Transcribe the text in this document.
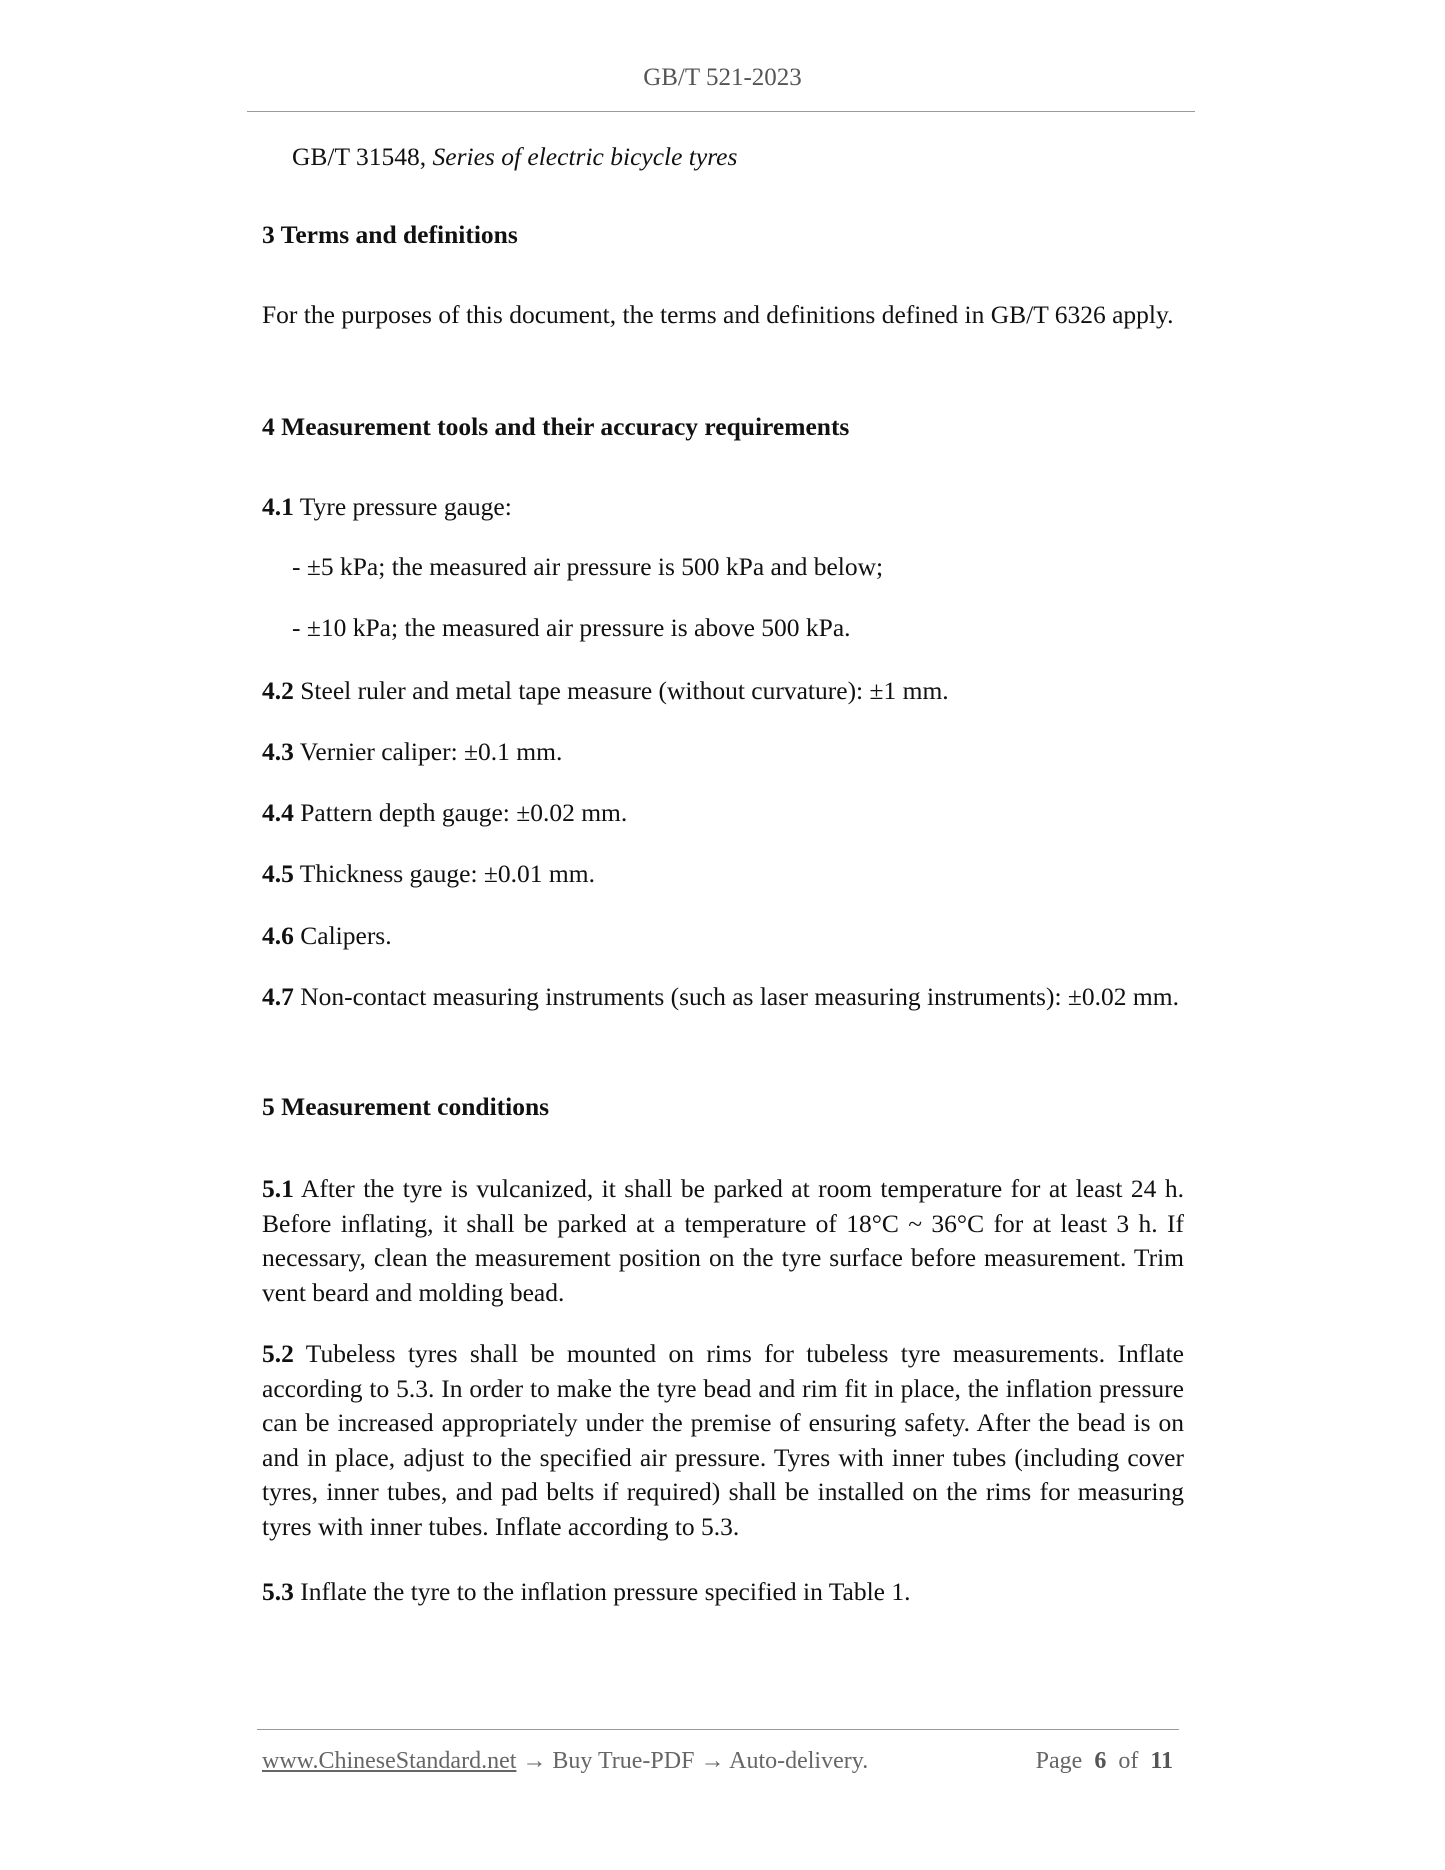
GB/T 521-2023
GB/T 31548, Series of electric bicycle tyres
3 Terms and definitions

For the purposes of this document, the terms and definitions defined in GB/T 6326 apply.

4 Measurement tools and their accuracy requirements

4.1 Tyre pressure gauge:

- ±5 kPa; the measured air pressure is 500 kPa and below;
- ±10 kPa; the measured air pressure is above 500 kPa.

4.2 Steel ruler and metal tape measure (without curvature): ±1 mm.

4.3 Vernier caliper: ±0.1 mm.

4.4 Pattern depth gauge: ±0.02 mm.

4.5 Thickness gauge: ±0.01 mm.

4.6 Calipers.

4.7 Non-contact measuring instruments (such as laser measuring instruments): ±0.02 mm.

5 Measurement conditions

5.1 After the tyre is vulcanized, it shall be parked at room temperature for at least 24 h. Before inflating, it shall be parked at a temperature of 18°C ~ 36°C for at least 3 h. If necessary, clean the measurement position on the tyre surface before measurement. Trim vent beard and molding bead.

5.2 Tubeless tyres shall be mounted on rims for tubeless tyre measurements. Inflate according to 5.3. In order to make the tyre bead and rim fit in place, the inflation pressure can be increased appropriately under the premise of ensuring safety. After the bead is on and in place, adjust to the specified air pressure. Tyres with inner tubes (including cover tyres, inner tubes, and pad belts if required) shall be installed on the rims for measuring tyres with inner tubes. Inflate according to 5.3.

5.3 Inflate the tyre to the inflation pressure specified in Table 1.

www.ChineseStandard.net → Buy True-PDF → Auto-delivery.	Page 6 of 11
